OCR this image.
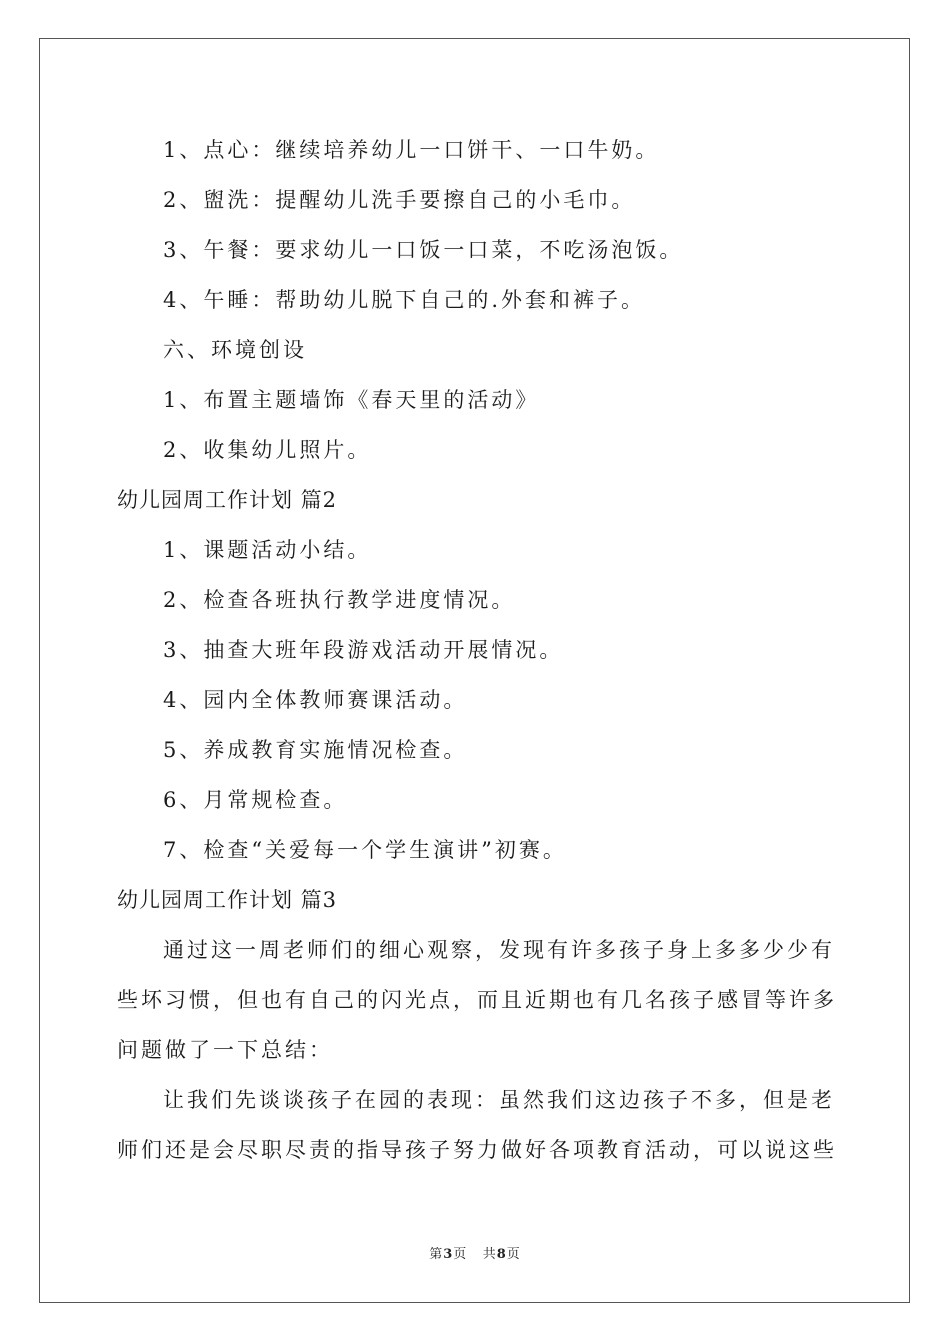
1、点心：继续培养幼儿一口饼干、一口牛奶。
2、盥洗：提醒幼儿洗手要擦自己的小毛巾。
3、午餐：要求幼儿一口饭一口菜，不吃汤泡饭。
4、午睡：帮助幼儿脱下自己的.外套和裤子。
六、环境创设
1、布置主题墙饰《春天里的活动》
2、收集幼儿照片。
幼儿园周工作计划 篇2
1、课题活动小结。
2、检查各班执行教学进度情况。
3、抽查大班年段游戏活动开展情况。
4、园内全体教师赛课活动。
5、养成教育实施情况检查。
6、月常规检查。
7、检查“关爱每一个学生演讲”初赛。
幼儿园周工作计划 篇3
通过这一周老师们的细心观察，发现有许多孩子身上多多少少有
些坏习惯，但也有自己的闪光点，而且近期也有几名孩子感冒等许多
问题做了一下总结：
让我们先谈谈孩子在园的表现：虽然我们这边孩子不多，但是老
师们还是会尽职尽责的指导孩子努力做好各项教育活动，可以说这些
第3页 共8页
